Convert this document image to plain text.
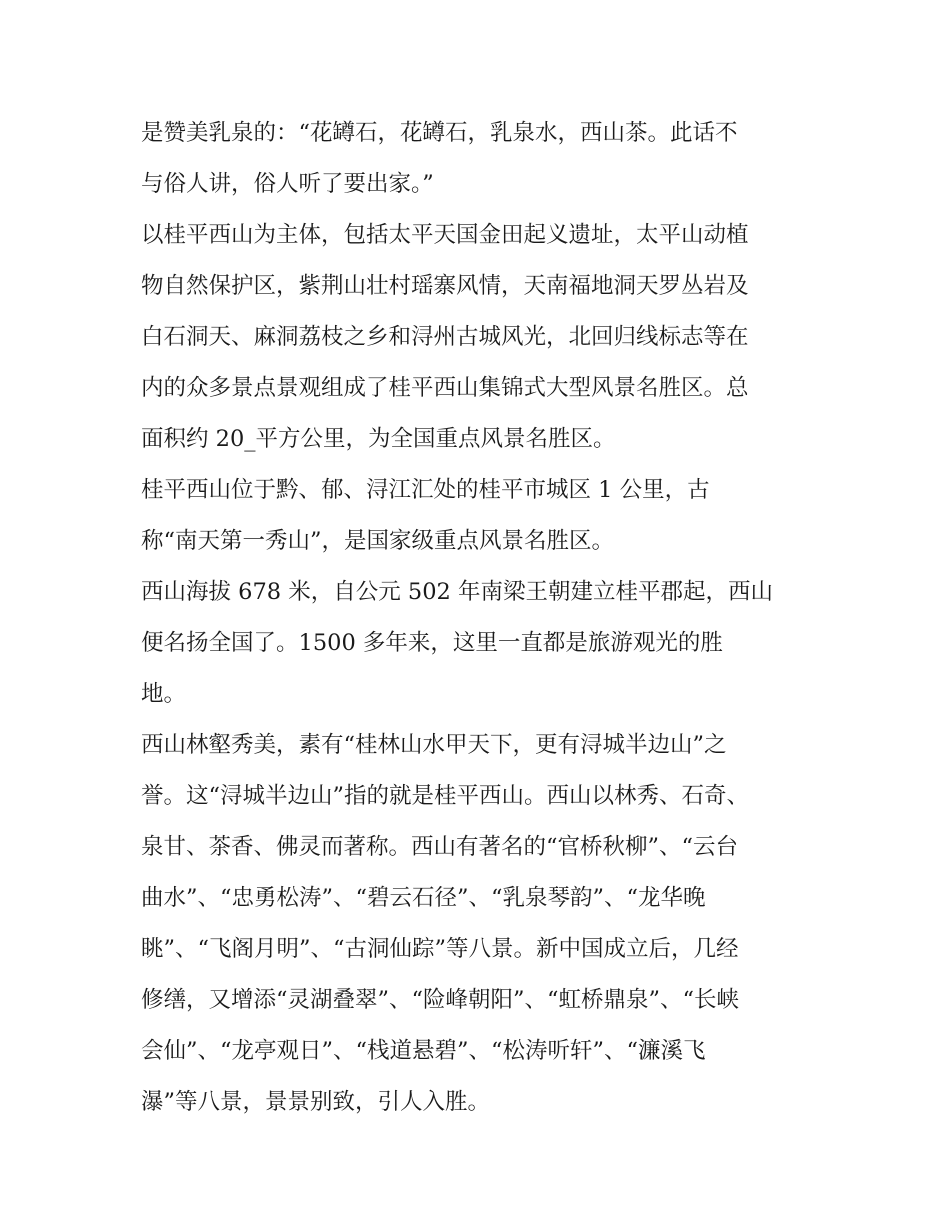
是赞美乳泉的：“花罇石，花罇石，乳泉水，西山茶。此话不
与俗人讲，俗人听了要出家。”
以桂平西山为主体，包括太平天国金田起义遗址，太平山动植
物自然保护区，紫荆山壮村瑶寨风情，天南福地洞天罗丛岩及
白石洞天、麻洞荔枝之乡和浔州古城风光，北回归线标志等在
内的众多景点景观组成了桂平西山集锦式大型风景名胜区。总
面积约 20_平方公里，为全国重点风景名胜区。
桂平西山位于黔、郁、浔江汇处的桂平市城区 1 公里，古
称“南天第一秀山”，是国家级重点风景名胜区。
西山海拔 678 米，自公元 502 年南梁王朝建立桂平郡起，西山
便名扬全国了。1500 多年来，这里一直都是旅游观光的胜
地。
西山林壑秀美，素有“桂林山水甲天下，更有浔城半边山”之
誉。这“浔城半边山”指的就是桂平西山。西山以林秀、石奇、
泉甘、茶香、佛灵而著称。西山有著名的“官桥秋柳”、“云台
曲水”、“忠勇松涛”、“碧云石径”、“乳泉琴韵”、“龙华晚
眺”、“飞阁月明”、“古洞仙踪”等八景。新中国成立后，几经
修缮，又增添“灵湖叠翠”、“险峰朝阳”、“虹桥鼎泉”、“长峡
会仙”、“龙亭观日”、“栈道悬碧”、“松涛听轩”、“濂溪飞
瀑”等八景，景景别致，引人入胜。
